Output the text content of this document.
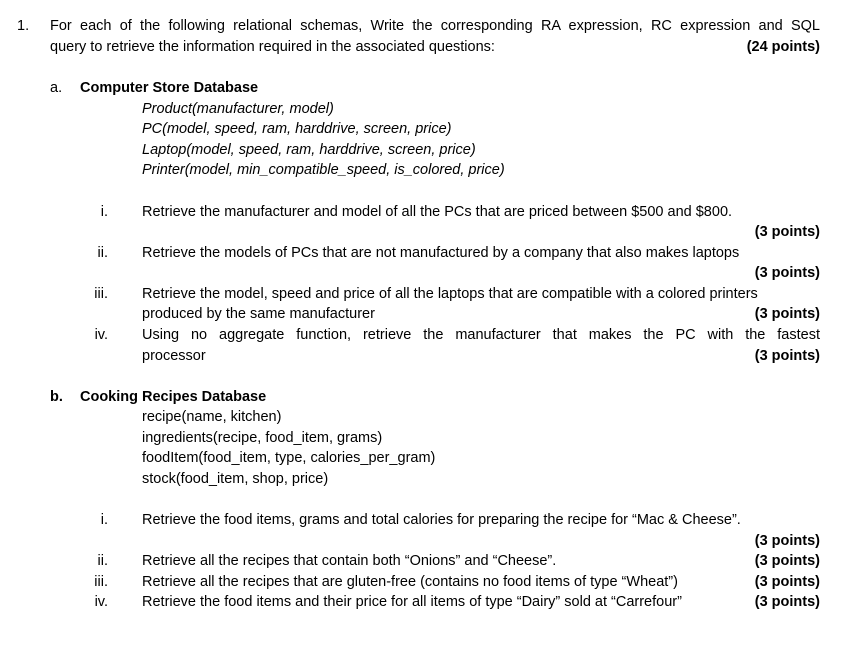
1. For each of the following relational schemas, Write the corresponding RA expression, RC expression and SQL
query to retrieve the information required in the associated questions:	(24 points)
a. Computer Store Database
Product(manufacturer, model)
PC(model, speed, ram, harddrive, screen, price)
Laptop(model, speed, ram, harddrive, screen, price)
Printer(model, min_compatible_speed, is_colored, price)
i. Retrieve the manufacturer and model of all the PCs that are priced between $500 and $800.
(3 points)
ii. Retrieve the models of PCs that are not manufactured by a company that also makes laptops
(3 points)
iii. Retrieve the model, speed and price of all the laptops that are compatible with a colored printers
produced by the same manufacturer	(3 points)
iv. Using no aggregate function, retrieve the manufacturer that makes the PC with the fastest
processor	(3 points)
b. Cooking Recipes Database
recipe(name, kitchen)
ingredients(recipe, food_item, grams)
foodItem(food_item, type, calories_per_gram)
stock(food_item, shop, price)
i. Retrieve the food items, grams and total calories for preparing the recipe for “Mac & Cheese”.
(3 points)
ii. Retrieve all the recipes that contain both “Onions” and “Cheese”.	(3 points)
iii. Retrieve all the recipes that are gluten-free (contains no food items of type “Wheat”)	(3 points)
iv. Retrieve the food items and their price for all items of type “Dairy” sold at “Carrefour”	(3 points)
